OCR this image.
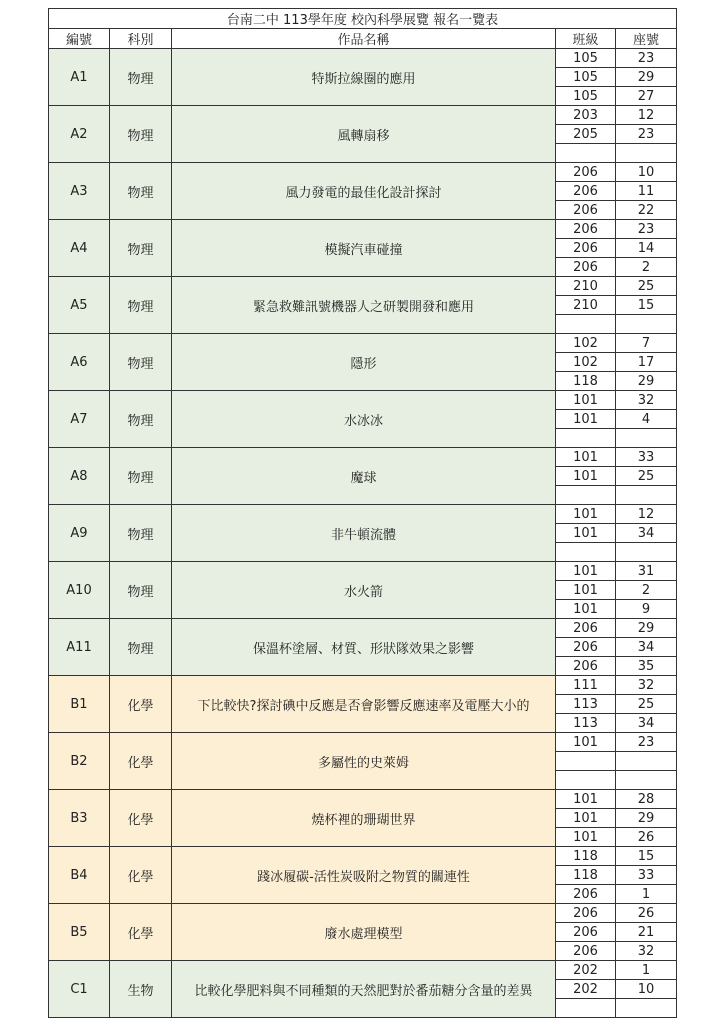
台南二中 113學年度 校內科學展覽 報名一覽表				
編號	科別	作品名稱	班級	座號
A1	物理	特斯拉線圈的應用	105	23
			105	29
			105	27
A2	物理	風轉扇移	203	12
			205	23

A3	物理	風力發電的最佳化設計探討	206	10
			206	11
			206	22
A4	物理	模擬汽車碰撞	206	23
			206	14
			206	2
A5	物理	緊急救難訊號機器人之研製開發和應用	210	25
			210	15

A6	物理	隱形	102	7
			102	17
			118	29
A7	物理	水冰冰	101	32
			101	4

A8	物理	魔球	101	33
			101	25

A9	物理	非牛頓流體	101	12
			101	34

A10	物理	水火箭	101	31
			101	2
			101	9
A11	物理	保溫杯塗層、材質、形狀隊效果之影響	206	29
			206	34
			206	35
B1	化學	下比較快?探討碘中反應是否會影響反應速率及電壓大小的	111	32
			113	25
			113	34
B2	化學	多屬性的史萊姆	101	23

B3	化學	燒杯裡的珊瑚世界	101	28
			101	29
			101	26
B4	化學	踐冰履碳-活性炭吸附之物質的關連性	118	15
			118	33
			206	1
B5	化學	廢水處理模型	206	26
			206	21
			206	32
C1	生物	比較化學肥料與不同種類的天然肥對於番茄糖分含量的差異	202	1
			202	10
